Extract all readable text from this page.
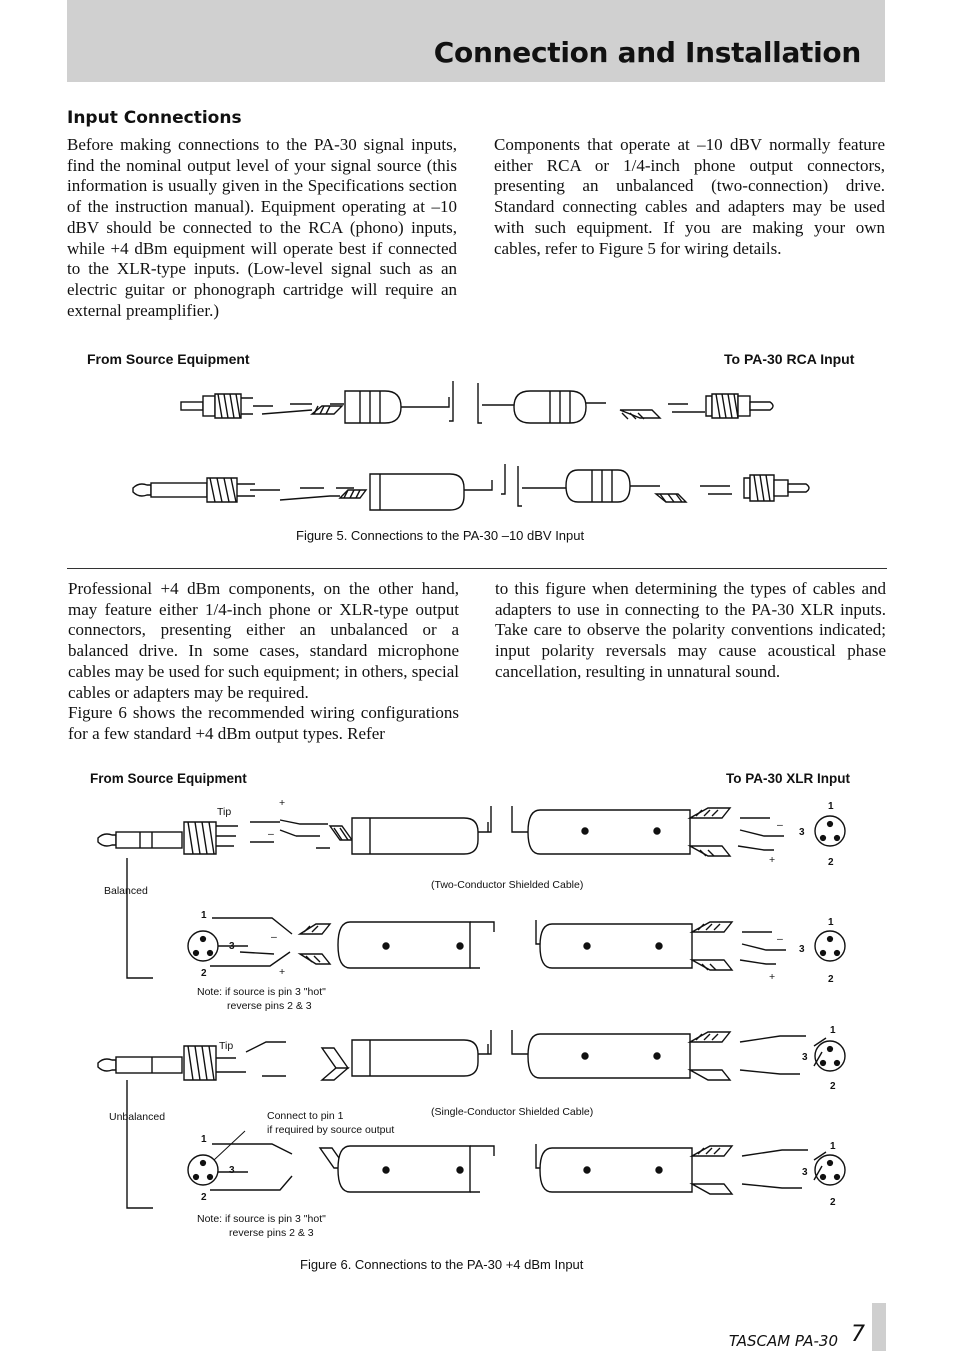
Connection and Installation
Input Connections

Before making connections to the PA-30 signal inputs, find the nominal output level of your signal source (this information is usually given in the Specifications section of the instruction manual). Equipment operating at –10 dBV should be connected to the RCA (phono) inputs, while +4 dBm equipment will operate best if connected to the XLR-type inputs. (Low-level signal such as an electric guitar or phonograph cartridge will require an external preamplifier.)

Components that operate at –10 dBV normally feature either RCA or 1/4-inch phone output connectors, presenting an unbalanced (two-connection) drive. Standard connecting cables and adapters may be used with such equipment. If you are making your own cables, refer to Figure 5 for wiring details.

From Source Equipment	To PA-30 RCA Input
Figure 5. Connections to the PA-30 –10 dBV Input
Professional +4 dBm components, on the other hand, may feature either 1/4-inch phone or XLR-type output connectors, presenting either an unbalanced or a balanced drive. In some cases, standard microphone cables may be used for such equipment; in others, special cables or adapters may be required.
Figure 6 shows the recommended wiring configurations for a few standard +4 dBm output types. Refer

to this figure when determining the types of cables and adapters to use in connecting to the PA-30 XLR inputs. Take care to observe the polarity conventions indicated; input polarity reversals may cause acoustical phase cancellation, resulting in unnatural sound.

From Source Equipment	To PA-30 XLR Input
Figure 6. Connections to the PA-30 +4 dBm Input
Tip
+
–
1
–
3
+	2
Balanced	(Two-Conductor Shielded Cable)
1
–
3
2	+
1
–
3
+	2
Note: if source is pin 3 "hot"
reverse pins 2 & 3
Tip
1
3
2
Unbalanced	Connect to pin 1
if required by source output
(Single-Conductor Shielded Cable)
1
3
2
1
3
2
Note: if source is pin 3 "hot"
reverse pins 2 & 3
TASCAM PA-30 7
